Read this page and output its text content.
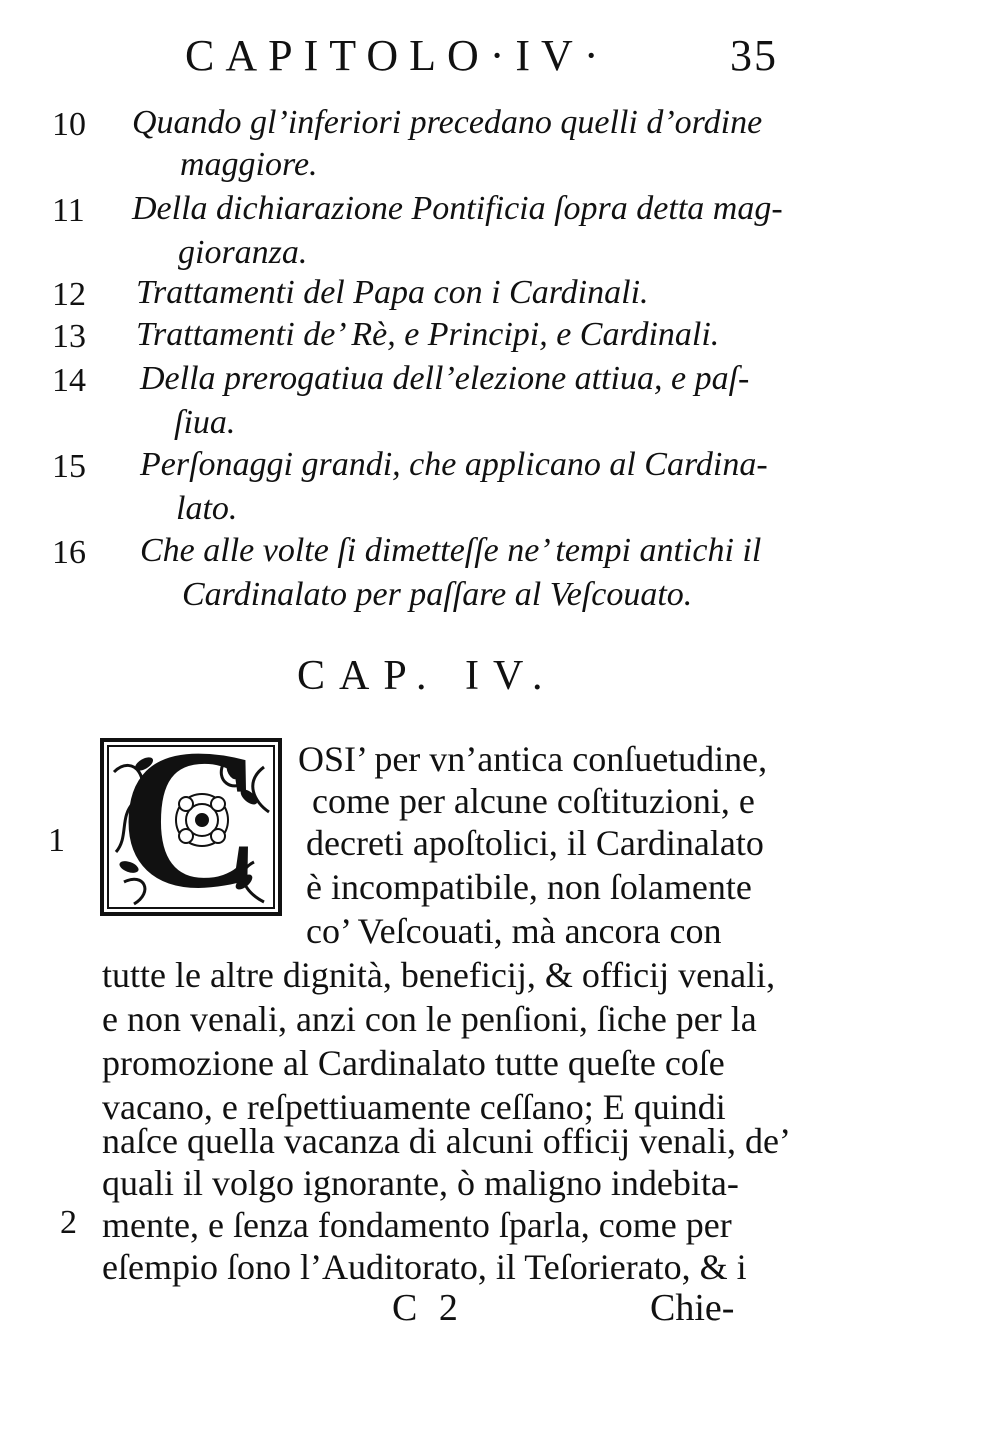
CAPITOLO·IV·	35
10 Quando gl’inferiori precedano quelli d’ordine
maggiore.
11 Della dichiarazione Pontificia ſopra detta mag-
gioranza.
12 Trattamenti del Papa con i Cardinali.
13 Trattamenti de’ Rè, e Principi, e Cardinali.
14 Della prerogatiua dell’elezione attiua, e paſ-
ſiua.
15 Perſonaggi grandi, che applicano al Cardina-
lato.
16 Che alle volte ſi dimetteſſe ne’ tempi antichi il
Cardinalato per paſſare al Veſcouato.
CAP. IV.
C
1
2
OSI’ per vn’antica conſuetudine,
come per alcune coſtituzioni, e
decreti apoſtolici, il Cardinalato
è incompatibile, non ſolamente
co’ Veſcouati, mà ancora con
tutte le altre dignità, beneficij, & officij venali,
e non venali, anzi con le penſioni, ſiche per la
promozione al Cardinalato tutte queſte coſe
vacano, e reſpettiuamente ceſſano; E quindi
naſce quella vacanza di alcuni officij venali, de’
quali il volgo ignorante, ò maligno indebita-
mente, e ſenza fondamento ſparla, come per
eſempio ſono l’Auditorato, il Teſorierato, & i
C 2	Chie-
